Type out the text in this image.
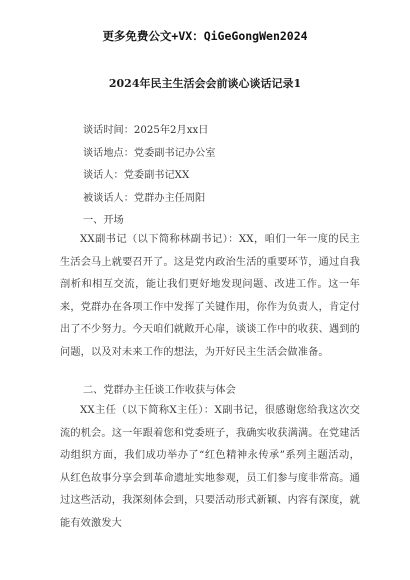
更多免费公文+VX：QiGeGongWen2024
2024年民主生活会会前谈心谈话记录1
谈话时间：2025年2月xx日
谈话地点：党委副书记办公室
谈话人：党委副书记XX
被谈话人：党群办主任周阳
一、开场

XX副书记（以下简称林副书记）：XX，咱们一年一度的民主生活会马上就要召开了。这是党内政治生活的重要环节，通过自我剖析和相互交流，能让我们更好地发现问题、改进工作。这一年来，党群办在各项工作中发挥了关键作用，你作为负责人，肯定付出了不少努力。今天咱们就敞开心扉，谈谈工作中的收获、遇到的问题，以及对未来工作的想法，为开好民主生活会做准备。

二、党群办主任谈工作收获与体会

XX主任（以下简称X主任）：X副书记，很感谢您给我这次交流的机会。这一年跟着您和党委班子，我确实收获满满。在党建活动组织方面，我们成功举办了“红色精神永传承”系列主题活动，从红色故事分享会到革命遗址实地参观，员工们参与度非常高。通过这些活动，我深刻体会到，只要活动形式新颖、内容有深度，就能有效激发大
